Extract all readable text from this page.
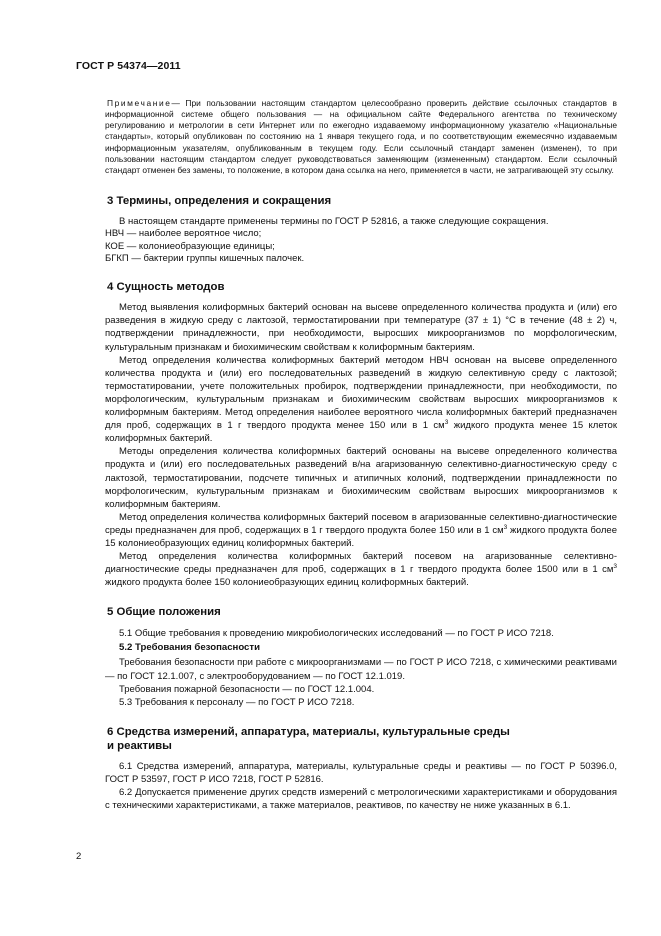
ГОСТ Р 54374—2011
Примечание— При пользовании настоящим стандартом целесообразно проверить действие ссылочных стандартов в информационной системе общего пользования — на официальном сайте Федерального агентства по техническому регулированию и метрологии в сети Интернет или по ежегодно издаваемому информационному указателю «Национальные стандарты», который опубликован по состоянию на 1 января текущего года, и по соответствующим ежемесячно издаваемым информационным указателям, опубликованным в текущем году. Если ссылочный стандарт заменен (изменен), то при пользовании настоящим стандартом следует руководствоваться заменяющим (измененным) стандартом. Если ссылочный стандарт отменен без замены, то положение, в котором дана ссылка на него, применяется в части, не затрагивающей эту ссылку.
3 Термины, определения и сокращения

В настоящем стандарте применены термины по ГОСТ Р 52816, а также следующие сокращения.

НВЧ — наиболее вероятное число;

КОЕ — колониеобразующие единицы;

БГКП — бактерии группы кишечных палочек.

4 Сущность методов

Метод выявления колиформных бактерий основан на высеве определенного количества продукта и (или) его разведения в жидкую среду с лактозой, термостатировании при температуре (37 ± 1) °С в течение (48 ± 2) ч, подтверждении принадлежности, при необходимости, выросших микроорганизмов по морфологическим, культуральным признакам и биохимическим свойствам к колиформным бактериям.

Метод определения количества колиформных бактерий методом НВЧ основан на высеве определенного количества продукта и (или) его последовательных разведений в жидкую селективную среду с лактозой; термостатировании, учете положительных пробирок, подтверждении принадлежности, при необходимости, по морфологическим, культуральным признакам и биохимическим свойствам выросших микроорганизмов к колиформным бактериям. Метод определения наиболее вероятного числа колиформных бактерий предназначен для проб, содержащих в 1 г твердого продукта менее 150 или в 1 $см^3$ жидкого продукта менее 15 клеток колиформных бактерий.

Методы определения количества колиформных бактерий основаны на высеве определенного количества продукта и (или) его последовательных разведений в/на агаризованную селективно-диагностическую среду с лактозой, термостатировании, подсчете типичных и атипичных колоний, подтверждении принадлежности по морфологическим, культуральным признакам и биохимическим свойствам выросших микроорганизмов к колиформным бактериям.

Метод определения количества колиформных бактерий посевом в агаризованные селективно-диагностические среды предназначен для проб, содержащих в 1 г твердого продукта более 150 или в 1 $см^3$ жидкого продукта более 15 колониеобразующих единиц колиформных бактерий.

Метод определения количества колиформных бактерий посевом на агаризованные селективно-диагностические среды предназначен для проб, содержащих в 1 г твердого продукта более 1500 или в 1 $см^3$ жидкого продукта более 150 колониеобразующих единиц колиформных бактерий.

5 Общие положения

5.1 Общие требования к проведению микробиологических исследований — по ГОСТ Р ИСО 7218.

5.2 Требования безопасности

Требования безопасности при работе с микроорганизмами — по ГОСТ Р ИСО 7218, с химическими реактивами — по ГОСТ 12.1.007, с электрооборудованием — по ГОСТ 12.1.019.

Требования пожарной безопасности — по ГОСТ 12.1.004.

5.3 Требования к персоналу — по ГОСТ Р ИСО 7218.

6 Средства измерений, аппаратура, материалы, культуральные среды
и реактивы

6.1 Средства измерений, аппаратура, материалы, культуральные среды и реактивы — по ГОСТ Р 50396.0, ГОСТ Р 53597, ГОСТ Р ИСО 7218, ГОСТ Р 52816.

6.2 Допускается применение других средств измерений с метрологическими характеристиками и оборудования с техническими характеристиками, а также материалов, реактивов, по качеству не ниже указанных в 6.1.

2
